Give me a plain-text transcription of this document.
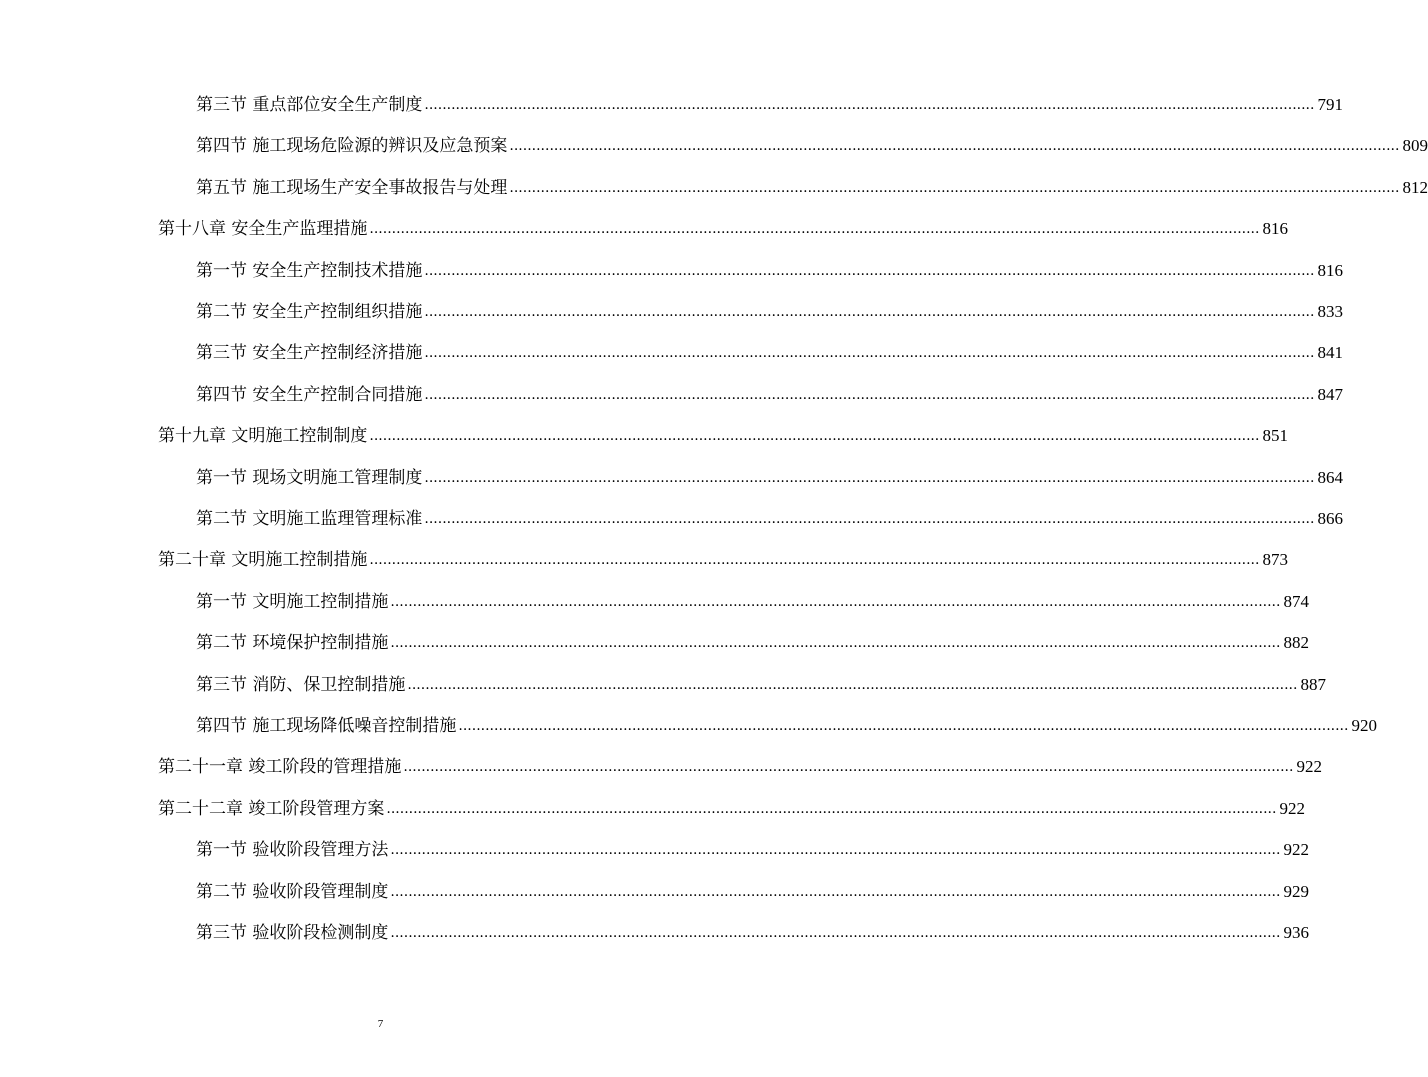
第三节 重点部位安全生产制度 ........................................................................................................................................................................................................ 791
第四节 施工现场危险源的辨识及应急预案 ........................................................................................................................................................................................................ 809
第五节 施工现场生产安全事故报告与处理 ........................................................................................................................................................................................................ 812
第十八章 安全生产监理措施 ........................................................................................................................................................................................................ 816
第一节 安全生产控制技术措施 ........................................................................................................................................................................................................ 816
第二节 安全生产控制组织措施 ........................................................................................................................................................................................................ 833
第三节 安全生产控制经济措施 ........................................................................................................................................................................................................ 841
第四节 安全生产控制合同措施 ........................................................................................................................................................................................................ 847
第十九章 文明施工控制制度 ........................................................................................................................................................................................................ 851
第一节 现场文明施工管理制度 ........................................................................................................................................................................................................ 864
第二节 文明施工监理管理标准 ........................................................................................................................................................................................................ 866
第二十章 文明施工控制措施 ........................................................................................................................................................................................................ 873
第一节 文明施工控制措施 ........................................................................................................................................................................................................ 874
第二节 环境保护控制措施 ........................................................................................................................................................................................................ 882
第三节 消防、保卫控制措施 ........................................................................................................................................................................................................ 887
第四节 施工现场降低噪音控制措施 ........................................................................................................................................................................................................ 920
第二十一章 竣工阶段的管理措施 ........................................................................................................................................................................................................ 922
第二十二章 竣工阶段管理方案 ........................................................................................................................................................................................................ 922
第一节 验收阶段管理方法 ........................................................................................................................................................................................................ 922
第二节 验收阶段管理制度 ........................................................................................................................................................................................................ 929
第三节 验收阶段检测制度 ........................................................................................................................................................................................................ 936
7
